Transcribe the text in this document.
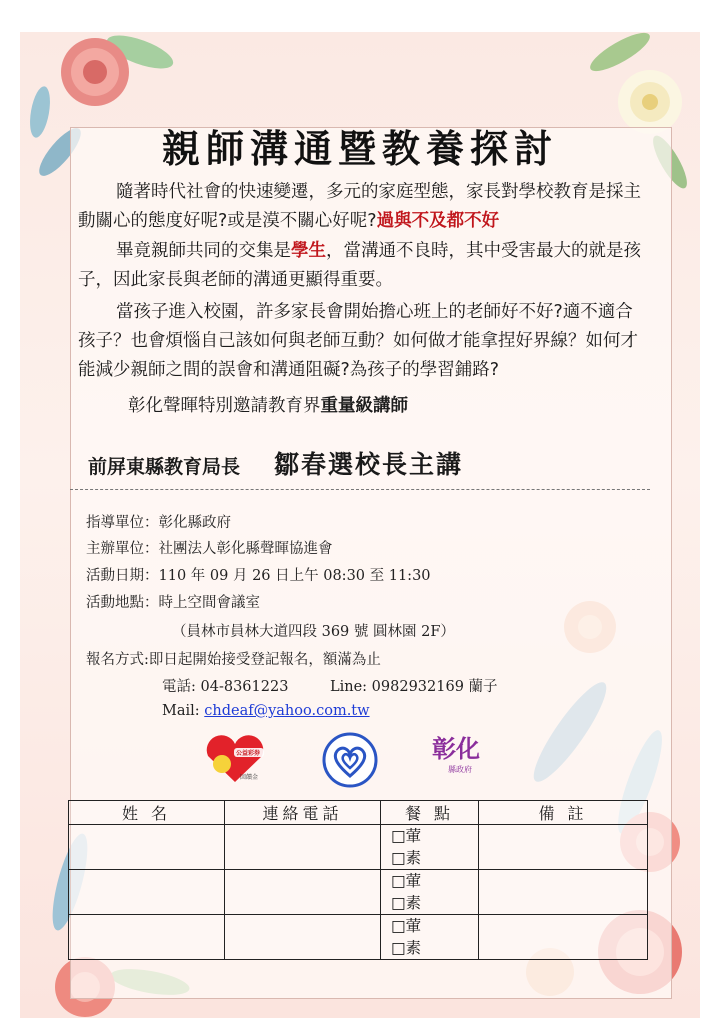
親師溝通暨教養探討

隨著時代社會的快速變遷，多元的家庭型態，家長對學校教育是採主動關心的態度好呢?或是漠不關心好呢?過與不及都不好

畢竟親師共同的交集是學生，當溝通不良時，其中受害最大的就是孩子，因此家長與老師的溝通更顯得重要。

當孩子進入校園，許多家長會開始擔心班上的老師好不好?適不適合孩子？也會煩惱自己該如何與老師互動？如何做才能拿捏好界線？如何才能減少親師之間的誤會和溝通阻礙?為孩子的學習鋪路?

彰化聲暉特別邀請教育界重量級講師

前屏東縣教育局長 鄒春選校長主講
指導單位：彰化縣政府
主辦單位：社團法人彰化縣聲暉協進會
活動日期：110 年 09 月 26 日上午 08:30 至 11:30
活動地點：時上空間會議室
（員林市員林大道四段 369 號 圓林園 2F）
報名方式:即日起開始接受登記報名，額滿為止
電話: 04-8361223	Line: 0982932169 蘭子
Mail: chdeaf@yahoo.com.tw
公益彩券
回饋金
彰化
縣政府
姓 名	連絡電話	餐 點	備 註

		□葷
□素	

		□葷
□素	

		□葷
□素	
